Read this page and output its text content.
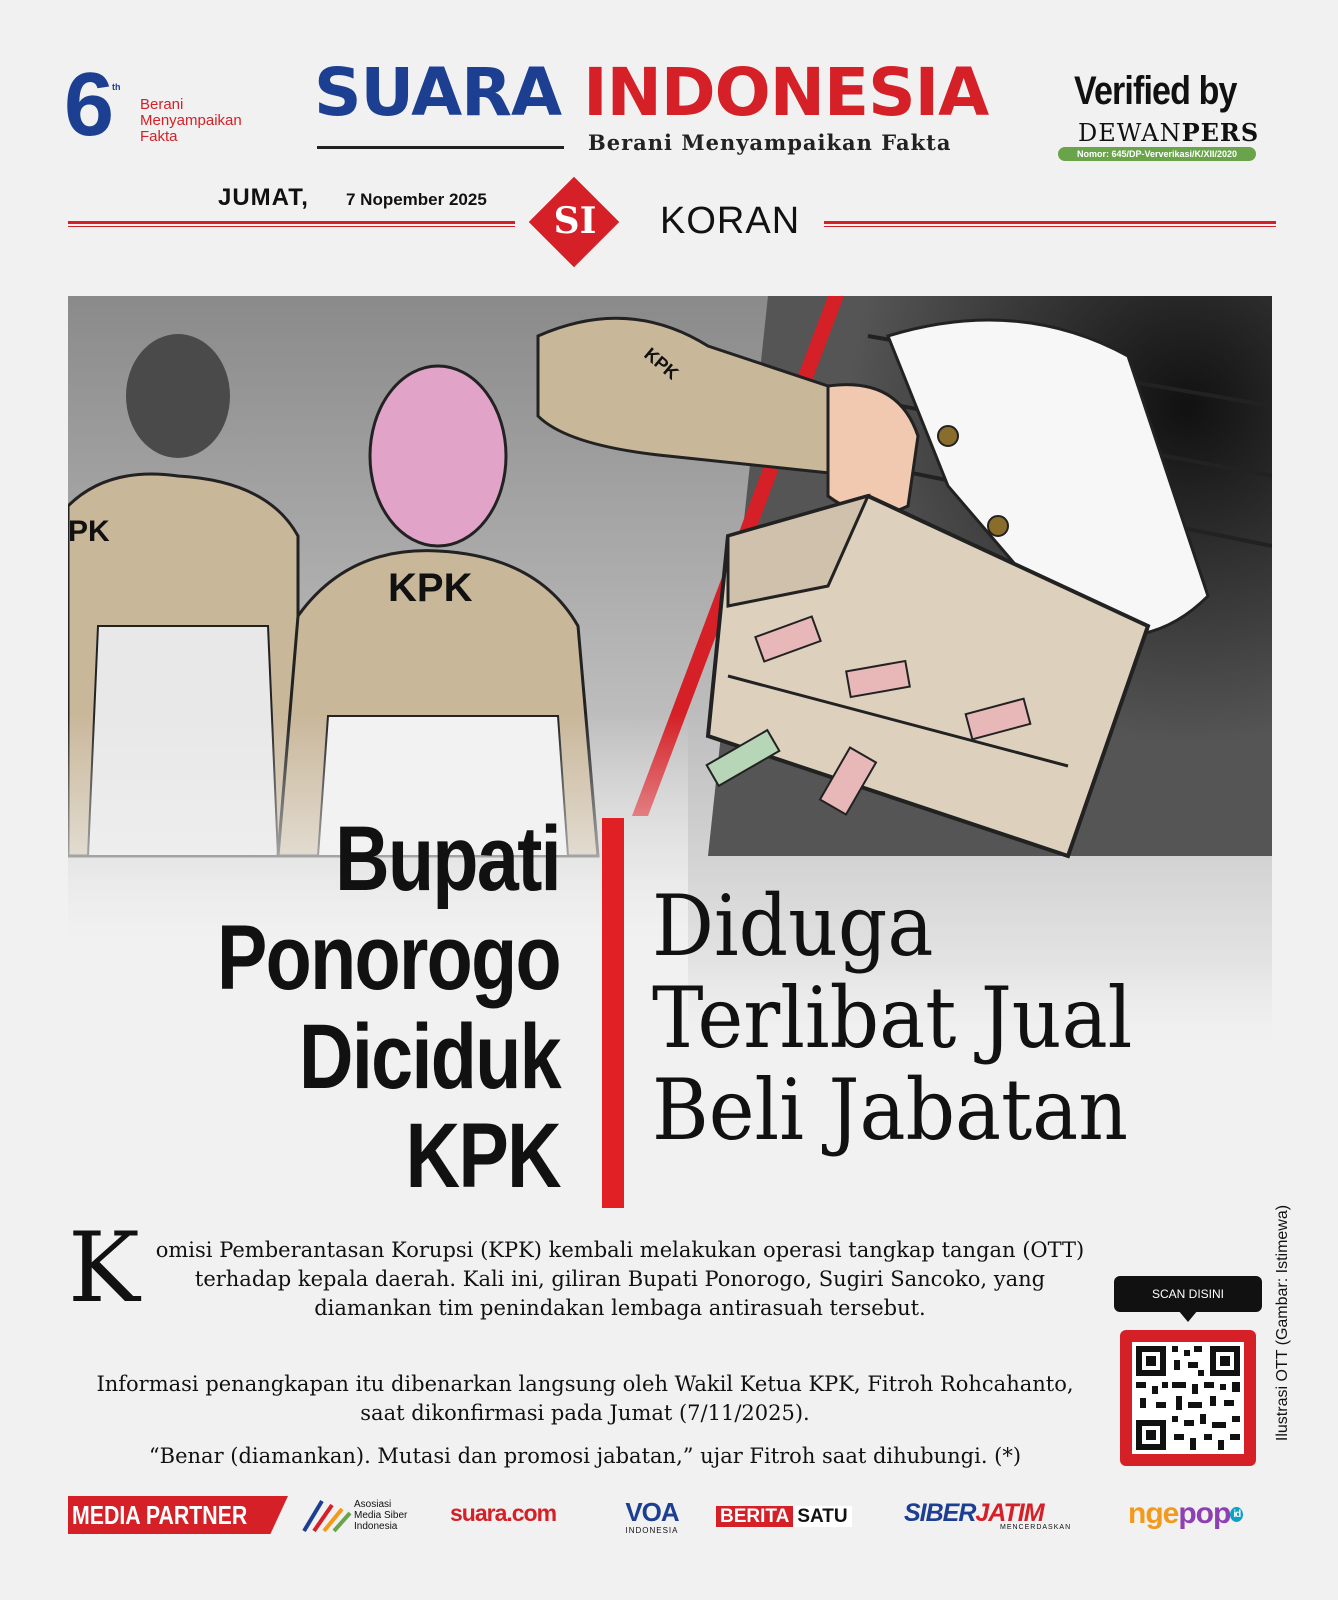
6 th
Berani
Menyampaikan
Fakta
SUARA INDONESIA
Berani Menyampaikan Fakta
Verified by
DEWANPERS
Nomor: 645/DP-Ververikasi/K/XII/2020
JUMAT, 7 Nopember 2025
SI	KORAN
Bupati
Ponorogo
Diciduk
KPK
Diduga
Terlibat Jual
Beli Jabatan
K omisi Pemberantasan Korupsi (KPK) kembali melakukan operasi tangkap tangan (OTT) terhadap kepala daerah. Kali ini, giliran Bupati Ponorogo, Sugiri Sancoko, yang diamankan tim penindakan lembaga antirasuah tersebut.
Informasi penangkapan itu dibenarkan langsung oleh Wakil Ketua KPK, Fitroh Rohcahanto, saat dikonfirmasi pada Jumat (7/11/2025).
“Benar (diamankan). Mutasi dan promosi jabatan,” ujar Fitroh saat dihubungi. (*)
SCAN DISINI	Ilustrasi OTT (Gambar: Istimewa)
MEDIA PARTNER	Asosiasi
Media Siber
Indonesia
suara.com	VOA
INDONESIA
BERITA SATU SIBERJATIM
MENCERDASKAN ngepop id
